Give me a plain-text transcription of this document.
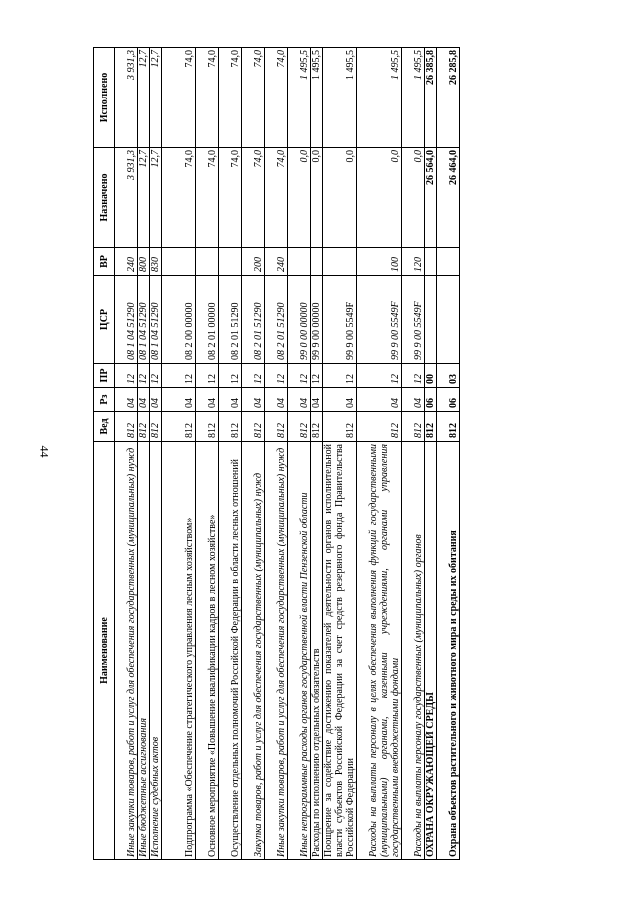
44
Наименование	Вед	Рз	ПР	ЦСР	ВР	Назначено	Исполнено
Иные закупки товаров, работ и услуг для обеспечения государственных (муниципальных) нужд	812	04	12	08 1 04 51290	240	3 931,3	3 931,3
Иные бюджетные ассигнования	812	04	12	08 1 04 51290	800	12,7	12,7
Исполнение судебных актов	812	04	12	08 1 04 51290	830	12,7	12,7
Подпрограмма «Обеспечение стратегического управления лесным хозяйством»	812	04	12	08 2 00 00000		74,0	74,0
Основное мероприятие «Повышение квалификации кадров в лесном хозяйстве»	812	04	12	08 2 01 00000		74,0	74,0
Осуществление отдельных полномочий Российской Федерации в области лесных отношений	812	04	12	08 2 01 51290		74,0	74,0
Закупка товаров, работ и услуг для обеспечения государственных (муниципальных) нужд	812	04	12	08 2 01 51290	200	74,0	74,0
Иные закупки товаров, работ и услуг для обеспечения государственных (муниципальных) нужд	812	04	12	08 2 01 51290	240	74,0	74,0
Иные непрограммные расходы органов государственной власти Пензенской области	812	04	12	99 0 00 00000		0,0	1 495,5
Расходы по исполнению отдельных обязательств	812	04	12	99 9 00 00000		0,0	1 495,5
Поощрение за содействие достижению показателей деятельности органов исполнительной власти субъектов Российской Федерации за счет средств резервного фонда Правительства Российской Федерации	812	04	12	99 9 00 5549F		0,0	1 495,5
Расходы на выплаты персоналу в целях обеспечения выполнения функций государственными (муниципальными) органами, казенными учреждениями, органами управления государственными внебюджетными фондами	812	04	12	99 9 00 5549F	100	0,0	1 495,5
Расходы на выплаты персоналу государственных (муниципальных) органов	812	04	12	99 9 00 5549F	120	0,0	1 495,5
ОХРАНА ОКРУЖАЮЩЕЙ СРЕДЫ	812	06	00			26 564,0	26 385,8
Охрана объектов растительного и животного мира и среды их обитания	812	06	03			26 464,0	26 285,8
